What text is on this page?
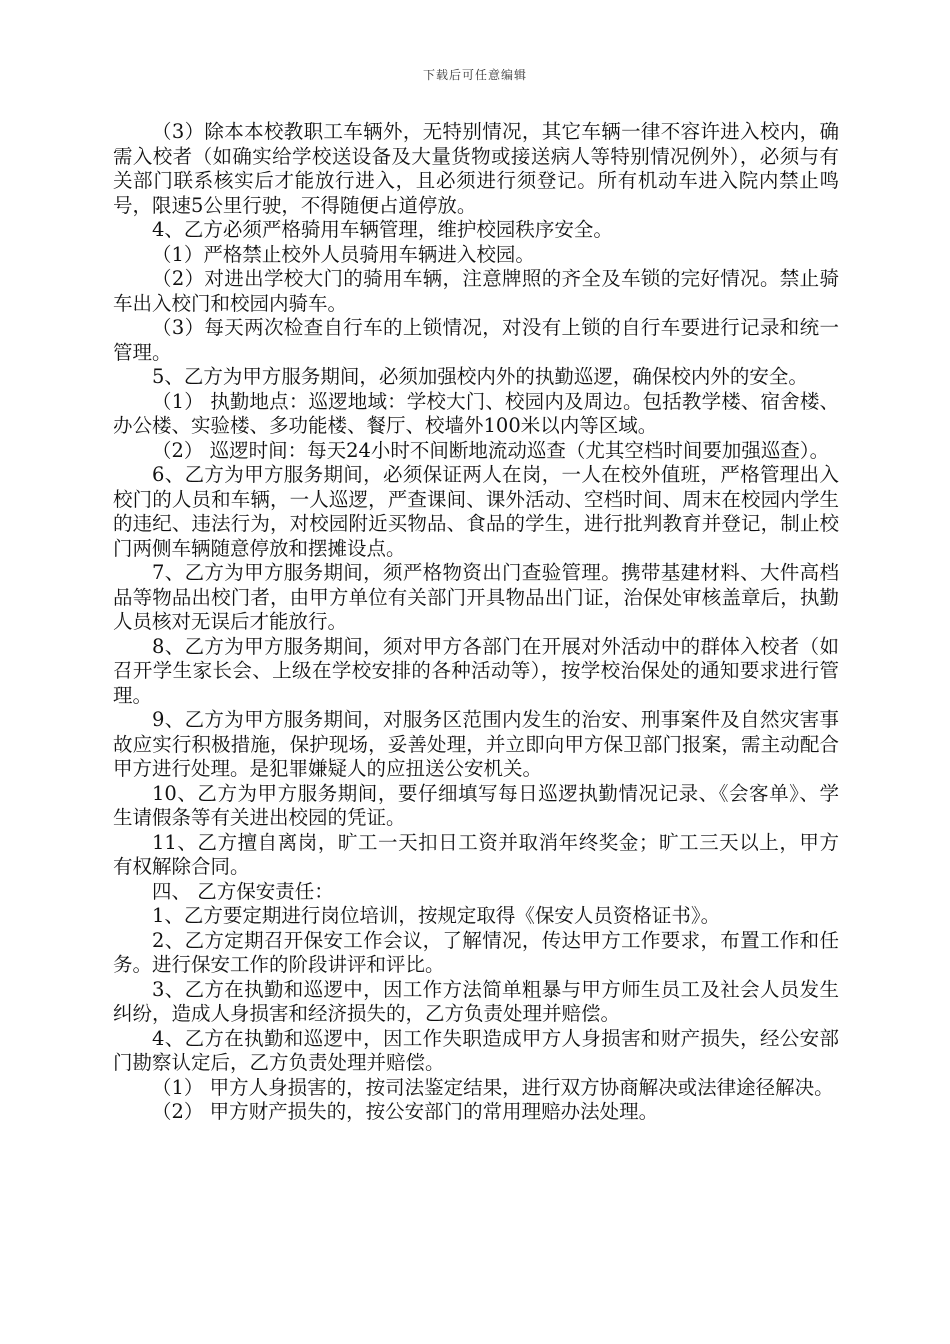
下载后可任意编辑

（3）除本本校教职工车辆外，无特别情况，其它车辆一律不容许进入校内，确需入校者（如确实给学校送设备及大量货物或接送病人等特别情况例外），必须与有关部门联系核实后才能放行进入，且必须进行须登记。所有机动车进入院内禁止鸣号，限速5公里行驶，不得随便占道停放。

4、乙方必须严格骑用车辆管理，维护校园秩序安全。

（1）严格禁止校外人员骑用车辆进入校园。

（2）对进出学校大门的骑用车辆，注意牌照的齐全及车锁的完好情况。禁止骑车出入校门和校园内骑车。

（3）每天两次检查自行车的上锁情况，对没有上锁的自行车要进行记录和统一管理。

5、乙方为甲方服务期间，必须加强校内外的执勤巡逻，确保校内外的安全。

（1） 执勤地点：巡逻地域：学校大门、校园内及周边。包括教学楼、宿舍楼、办公楼、实验楼、多功能楼、餐厅、校墙外100米以内等区域。

（2） 巡逻时间：每天24小时不间断地流动巡查（尤其空档时间要加强巡查）。

6、乙方为甲方服务期间，必须保证两人在岗，一人在校外值班，严格管理出入校门的人员和车辆，一人巡逻，严查课间、课外活动、空档时间、周末在校园内学生的违纪、违法行为，对校园附近买物品、食品的学生，进行批判教育并登记，制止校门两侧车辆随意停放和摆摊设点。

7、乙方为甲方服务期间，须严格物资出门查验管理。携带基建材料、大件高档品等物品出校门者，由甲方单位有关部门开具物品出门证，治保处审核盖章后，执勤人员核对无误后才能放行。

8、乙方为甲方服务期间，须对甲方各部门在开展对外活动中的群体入校者（如召开学生家长会、上级在学校安排的各种活动等），按学校治保处的通知要求进行管理。

9、乙方为甲方服务期间，对服务区范围内发生的治安、刑事案件及自然灾害事故应实行积极措施，保护现场，妥善处理，并立即向甲方保卫部门报案，需主动配合甲方进行处理。是犯罪嫌疑人的应扭送公安机关。

10、乙方为甲方服务期间，要仔细填写每日巡逻执勤情况记录、《会客单》、学生请假条等有关进出校园的凭证。

11、乙方擅自离岗，旷工一天扣日工资并取消年终奖金；旷工三天以上，甲方有权解除合同。

四、 乙方保安责任：

1、乙方要定期进行岗位培训，按规定取得《保安人员资格证书》。

2、乙方定期召开保安工作会议，了解情况，传达甲方工作要求，布置工作和任务。进行保安工作的阶段讲评和评比。

3、乙方在执勤和巡逻中，因工作方法简单粗暴与甲方师生员工及社会人员发生纠纷，造成人身损害和经济损失的，乙方负责处理并赔偿。

4、乙方在执勤和巡逻中，因工作失职造成甲方人身损害和财产损失，经公安部门勘察认定后，乙方负责处理并赔偿。

（1） 甲方人身损害的，按司法鉴定结果，进行双方协商解决或法律途径解决。

（2） 甲方财产损失的，按公安部门的常用理赔办法处理。
